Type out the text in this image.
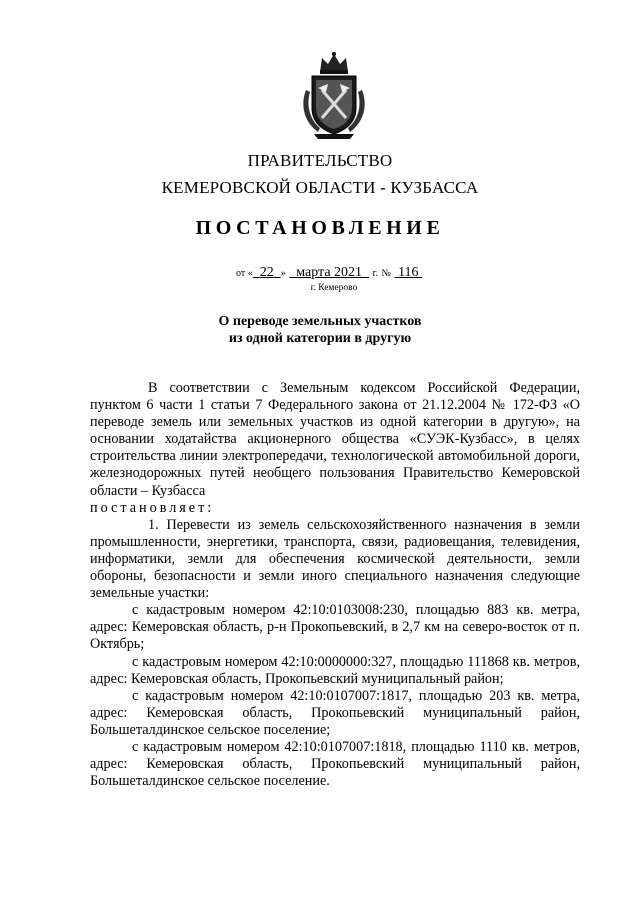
ПРАВИТЕЛЬСТВО
КЕМЕРОВСКОЙ ОБЛАСТИ - КУЗБАССА
ПОСТАНОВЛЕНИЕ
от « 22 » марта 2021 г. № 116
г. Кемерово
О переводе земельных участков
из одной категории в другую

В соответствии с Земельным кодексом Российской Федерации, пунктом 6 части 1 статьи 7 Федерального закона от 21.12.2004 № 172-ФЗ «О переводе земель или земельных участков из одной категории в другую», на основании ходатайства акционерного общества «СУЭК-Кузбасс», в целях строительства линии электропередачи, технологической автомобильной дороги, железнодорожных путей необщего пользования Правительство Кемеровской области – Кузбасса

постановляет:

1. Перевести из земель сельскохозяйственного назначения в земли промышленности, энергетики, транспорта, связи, радиовещания, телевидения, информатики, земли для обеспечения космической деятельности, земли обороны, безопасности и земли иного специального назначения следующие земельные участки:

с кадастровым номером 42:10:0103008:230, площадью 883 кв. метра, адрес: Кемеровская область, р-н Прокопьевский, в 2,7 км на северо-восток от п. Октябрь;

с кадастровым номером 42:10:0000000:327, площадью 111868 кв. метров, адрес: Кемеровская область, Прокопьевский муниципальный район;

с кадастровым номером 42:10:0107007:1817, площадью 203 кв. метра, адрес: Кемеровская область, Прокопьевский муниципальный район, Большеталдинское сельское поселение;

с кадастровым номером 42:10:0107007:1818, площадью 1110 кв. метров, адрес: Кемеровская область, Прокопьевский муниципальный район, Большеталдинское сельское поселение.
